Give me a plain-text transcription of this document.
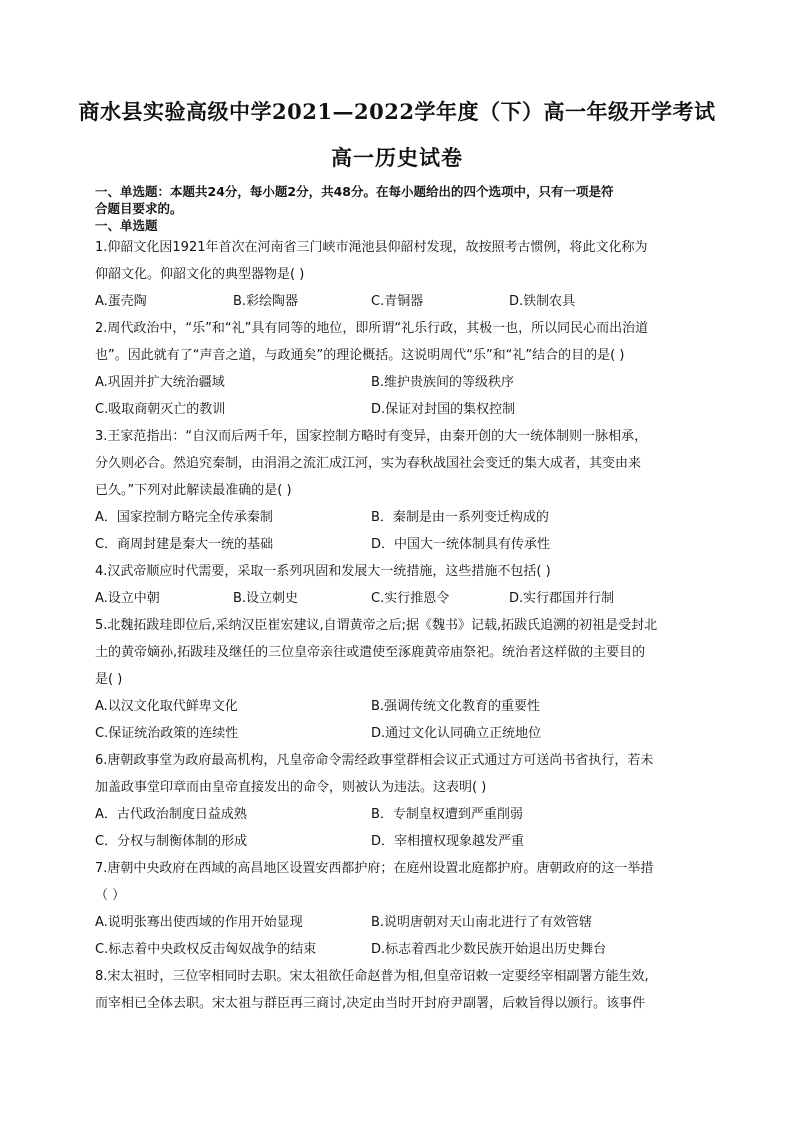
商水县实验高级中学2021—2022学年度（下）高一年级开学考试
高一历史试卷
一、单选题：本题共24分，每小题2分，共48分。在每小题给出的四个选项中，只有一项是符
合题目要求的。
一、单选题
1.仰韶文化因1921年首次在河南省三门峡市渑池县仰韶村发现，故按照考古惯例，将此文化称为
仰韶文化。仰韶文化的典型器物是( )
A.蛋壳陶	B.彩绘陶器	C.青铜器	D.铁制农具
2.周代政治中，“乐”和“礼”具有同等的地位，即所谓“礼乐行政，其极一也，所以同民心而出治道
也”。因此就有了“声音之道，与政通矣”的理论概括。这说明周代“乐”和“礼”结合的目的是( )
A.巩固并扩大统治疆域	B.维护贵族间的等级秩序
C.吸取商朝灭亡的教训	D.保证对封国的集权控制
3.王家范指出：“自汉而后两千年，国家控制方略时有变异，由秦开创的大一统体制则一脉相承，
分久则必合。然追究秦制，由涓涓之流汇成江河，实为春秋战国社会变迁的集大成者，其变由来
已久。”下列对此解读最准确的是( )
A．国家控制方略完全传承秦制	B．秦制是由一系列变迁构成的
C．商周封建是秦大一统的基础	D．中国大一统体制具有传承性
4.汉武帝顺应时代需要，采取一系列巩固和发展大一统措施，这些措施不包括( )
A.设立中朝	B.设立刺史	C.实行推恩令	D.实行郡国并行制
5.北魏拓跋珪即位后,采纳汉臣崔宏建议,自谓黄帝之后;据《魏书》记载,拓跋氏追溯的初祖是受封北
土的黄帝嫡孙,拓跋珪及继任的三位皇帝亲往或遣使至涿鹿黄帝庙祭祀。统治者这样做的主要目的
是( )
A.以汉文化取代鲜卑文化	B.强调传统文化教育的重要性
C.保证统治政策的连续性	D.通过文化认同确立正统地位
6.唐朝政事堂为政府最高机构，凡皇帝命令需经政事堂群相会议正式通过方可送尚书省执行，若未
加盖政事堂印章而由皇帝直接发出的命令，则被认为违法。这表明( )
A．古代政治制度日益成熟	B．专制皇权遭到严重削弱
C．分权与制衡体制的形成	D．宰相擅权现象越发严重
7.唐朝中央政府在西域的高昌地区设置安西都护府；在庭州设置北庭都护府。唐朝政府的这一举措
（ ）
A.说明张骞出使西域的作用开始显现	B.说明唐朝对天山南北进行了有效管辖
C.标志着中央政权反击匈奴战争的结束	D.标志着西北少数民族开始退出历史舞台
8.宋太祖时，三位宰相同时去职。宋太祖欲任命赵普为相,但皇帝诏敕一定要经宰相副署方能生效,
而宰相已全体去职。宋太祖与群臣再三商讨,决定由当时开封府尹副署，后敕旨得以颁行。该事件
